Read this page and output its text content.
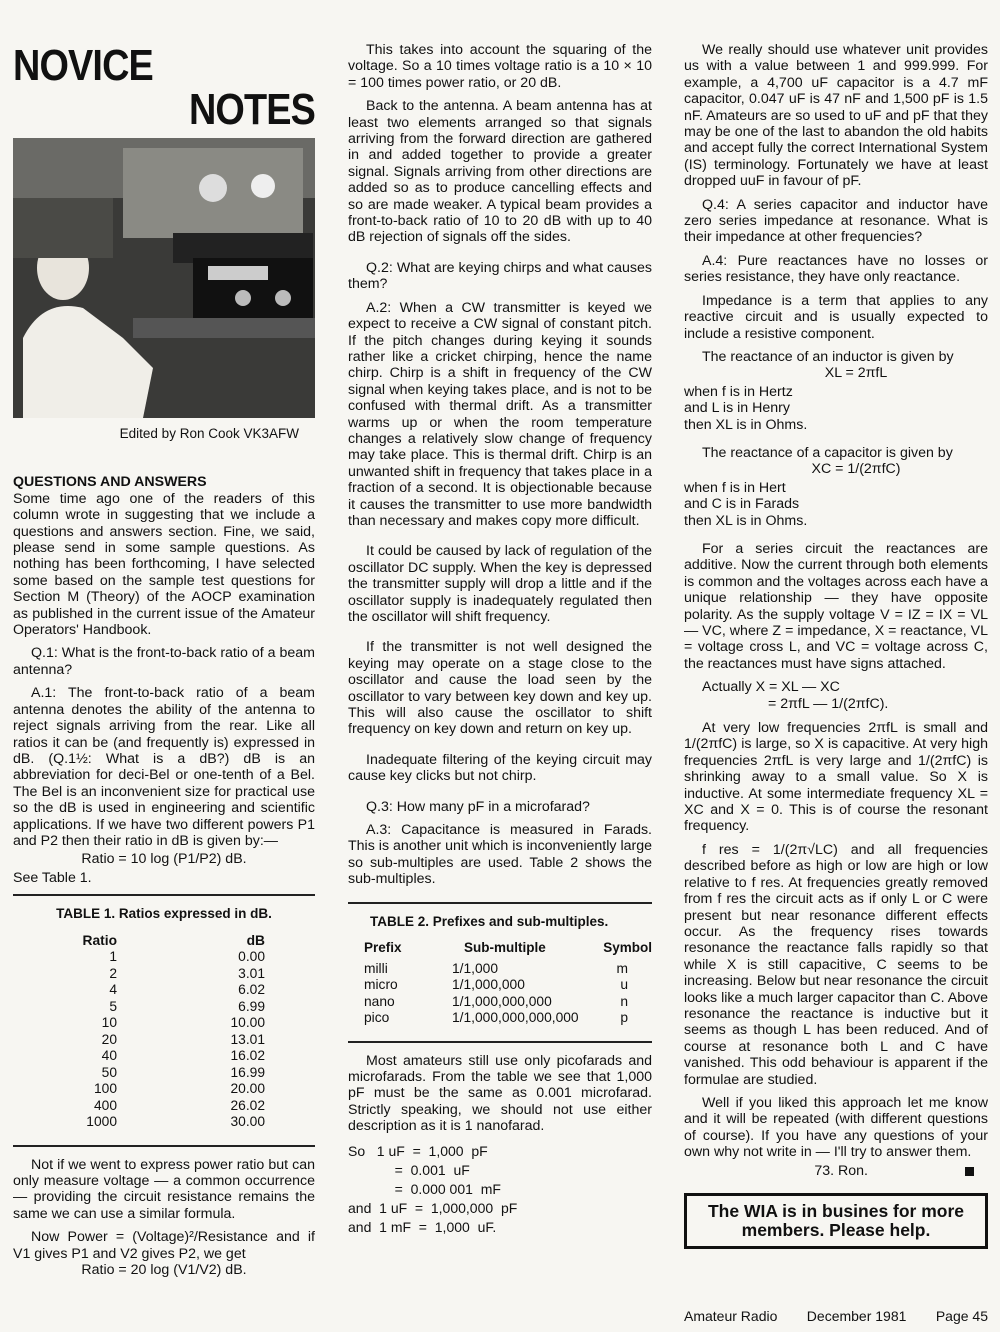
NOVICE
NOTES
Edited by Ron Cook VK3AFW

QUESTIONS AND ANSWERS

Some time ago one of the readers of this column wrote in suggesting that we include a questions and answers section. Fine, we said, please send in some sample questions. As nothing has been forthcoming, I have selected some based on the sample test questions for Section M (Theory) of the AOCP examination as published in the current issue of the Amateur Operators' Handbook.

Q.1: What is the front-to-back ratio of a beam antenna?

A.1: The front-to-back ratio of a beam antenna denotes the ability of the antenna to reject signals arriving from the rear. Like all ratios it can be (and frequently is) expressed in dB. (Q.1½: What is a dB?) dB is an abbreviation for deci-Bel or one-tenth of a Bel. The Bel is an inconvenient size for practical use so the dB is used in engineering and scientific applications. If we have two different powers P1 and P2 then their ratio in dB is given by:—

Ratio = 10 log (P1/P2) dB.
See Table 1.
TABLE 1. Ratios expressed in dB.
Ratio	dB
1	0.00
2	3.01
4	6.02
5	6.99
10	10.00
20	13.01
40	16.02
50	16.99
100	20.00
400	26.02
1000	30.00

Not if we went to express power ratio but can only measure voltage — a common occurrence — providing the circuit resistance remains the same we can use a similar formula.

Now Power = (Voltage)²/Resistance and if V1 gives P1 and V2 gives P2, we get

Ratio = 20 log (V1/V2) dB.

This takes into account the squaring of the voltage. So a 10 times voltage ratio is a 10 × 10 = 100 times power ratio, or 20 dB.

Back to the antenna. A beam antenna has at least two elements arranged so that signals arriving from the forward direction are gathered in and added together to provide a greater signal. Signals arriving from other directions are added so as to produce cancelling effects and so are made weaker. A typical beam provides a front-to-back ratio of 10 to 20 dB with up to 40 dB rejection of signals off the sides.

Q.2: What are keying chirps and what causes them?

A.2: When a CW transmitter is keyed we expect to receive a CW signal of constant pitch. If the pitch changes during keying it sounds rather like a cricket chirping, hence the name chirp. Chirp is a shift in frequency of the CW signal when keying takes place, and is not to be confused with thermal drift. As a transmitter warms up or when the room temperature changes a relatively slow change of frequency may take place. This is thermal drift. Chirp is an unwanted shift in frequency that takes place in a fraction of a second. It is objectionable because it causes the transmitter to use more bandwidth than necessary and makes copy more difficult.

It could be caused by lack of regulation of the oscillator DC supply. When the key is depressed the transmitter supply will drop a little and if the oscillator supply is inadequately regulated then the oscillator will shift frequency.

If the transmitter is not well designed the keying may operate on a stage close to the oscillator and cause the load seen by the oscillator to vary between key down and key up. This will also cause the oscillator to shift frequency on key down and return on key up.

Inadequate filtering of the keying circuit may cause key clicks but not chirp.

Q.3: How many pF in a microfarad?

A.3: Capacitance is measured in Farads. This is another unit which is inconveniently large so sub-multiples are used. Table 2 shows the sub-multiples.

TABLE 2. Prefixes and sub-multiples.
Prefix	Sub-multiple	Symbol
milli	1/1,000	m
micro	1/1,000,000	u
nano	1/1,000,000,000	n
pico	1/1,000,000,000,000	p

Most amateurs still use only picofarads and microfarads. From the table we see that 1,000 pF must be the same as 0.001 microfarad. Strictly speaking, we should not use either description as it is 1 nanofarad.

So   1 uF  =  1,000  pF
=  0.001  uF
=  0.000 001  mF
and  1 uF  =  1,000,000  pF
and  1 mF  =  1,000  uF.

We really should use whatever unit provides us with a value between 1 and 999.999. For example, a 4,700 uF capacitor is a 4.7 mF capacitor, 0.047 uF is 47 nF and 1,500 pF is 1.5 nF. Amateurs are so used to uF and pF that they may be one of the last to abandon the old habits and accept fully the correct International System (IS) terminology. Fortunately we have at least dropped uuF in favour of pF.

Q.4: A series capacitor and inductor have zero series impedance at resonance. What is their impedance at other frequencies?

A.4: Pure reactances have no losses or series resistance, they have only reactance.

Impedance is a term that applies to any reactive circuit and is usually expected to include a resistive component.

The reactance of an inductor is given by

XL = 2πfL
when f is in Hertz
and L is in Henry
then XL is in Ohms.

The reactance of a capacitor is given by

XC = 1/(2πfC)
when f is in Hert
and C is in Farads
then XL is in Ohms.

For a series circuit the reactances are additive. Now the current through both elements is common and the voltages across each have a unique relationship — they have opposite polarity. As the supply voltage V = IZ = IX = VL — VC, where Z = impedance, X = reactance, VL = voltage cross L, and VC = voltage across C, the reactances must have signs attached.

Actually X = XL — XC
= 2πfL — 1/(2πfC).

At very low frequencies 2πfL is small and 1/(2πfC) is large, so X is capacitive. At very high frequencies 2πfL is very large and 1/(2πfC) is shrinking away to a small value. So X is inductive. At some intermediate frequency XL = XC and X = 0. This is of course the resonant frequency.

f res = 1/(2π√LC) and all frequencies described before as high or low are high or low relative to f res. At frequencies greatly removed from f res the circuit acts as if only L or C were present but near resonance different effects occur. As the frequency rises towards resonance the reactance falls rapidly so that while X is still capacitive, C seems to be increasing. Below but near resonance the circuit looks like a much larger capacitor than C. Above resonance the reactance is inductive but it seems as though L has been reduced. And of course at resonance both L and C have vanished. This odd behaviour is apparent if the formulae are studied.

Well if you liked this approach let me know and it will be repeated (with different questions of course). If you have any questions of your own why not write in — I'll try to answer them.

73. Ron.
The WIA is in busines for more members. Please help.
Amateur Radio December 1981 Page 45
